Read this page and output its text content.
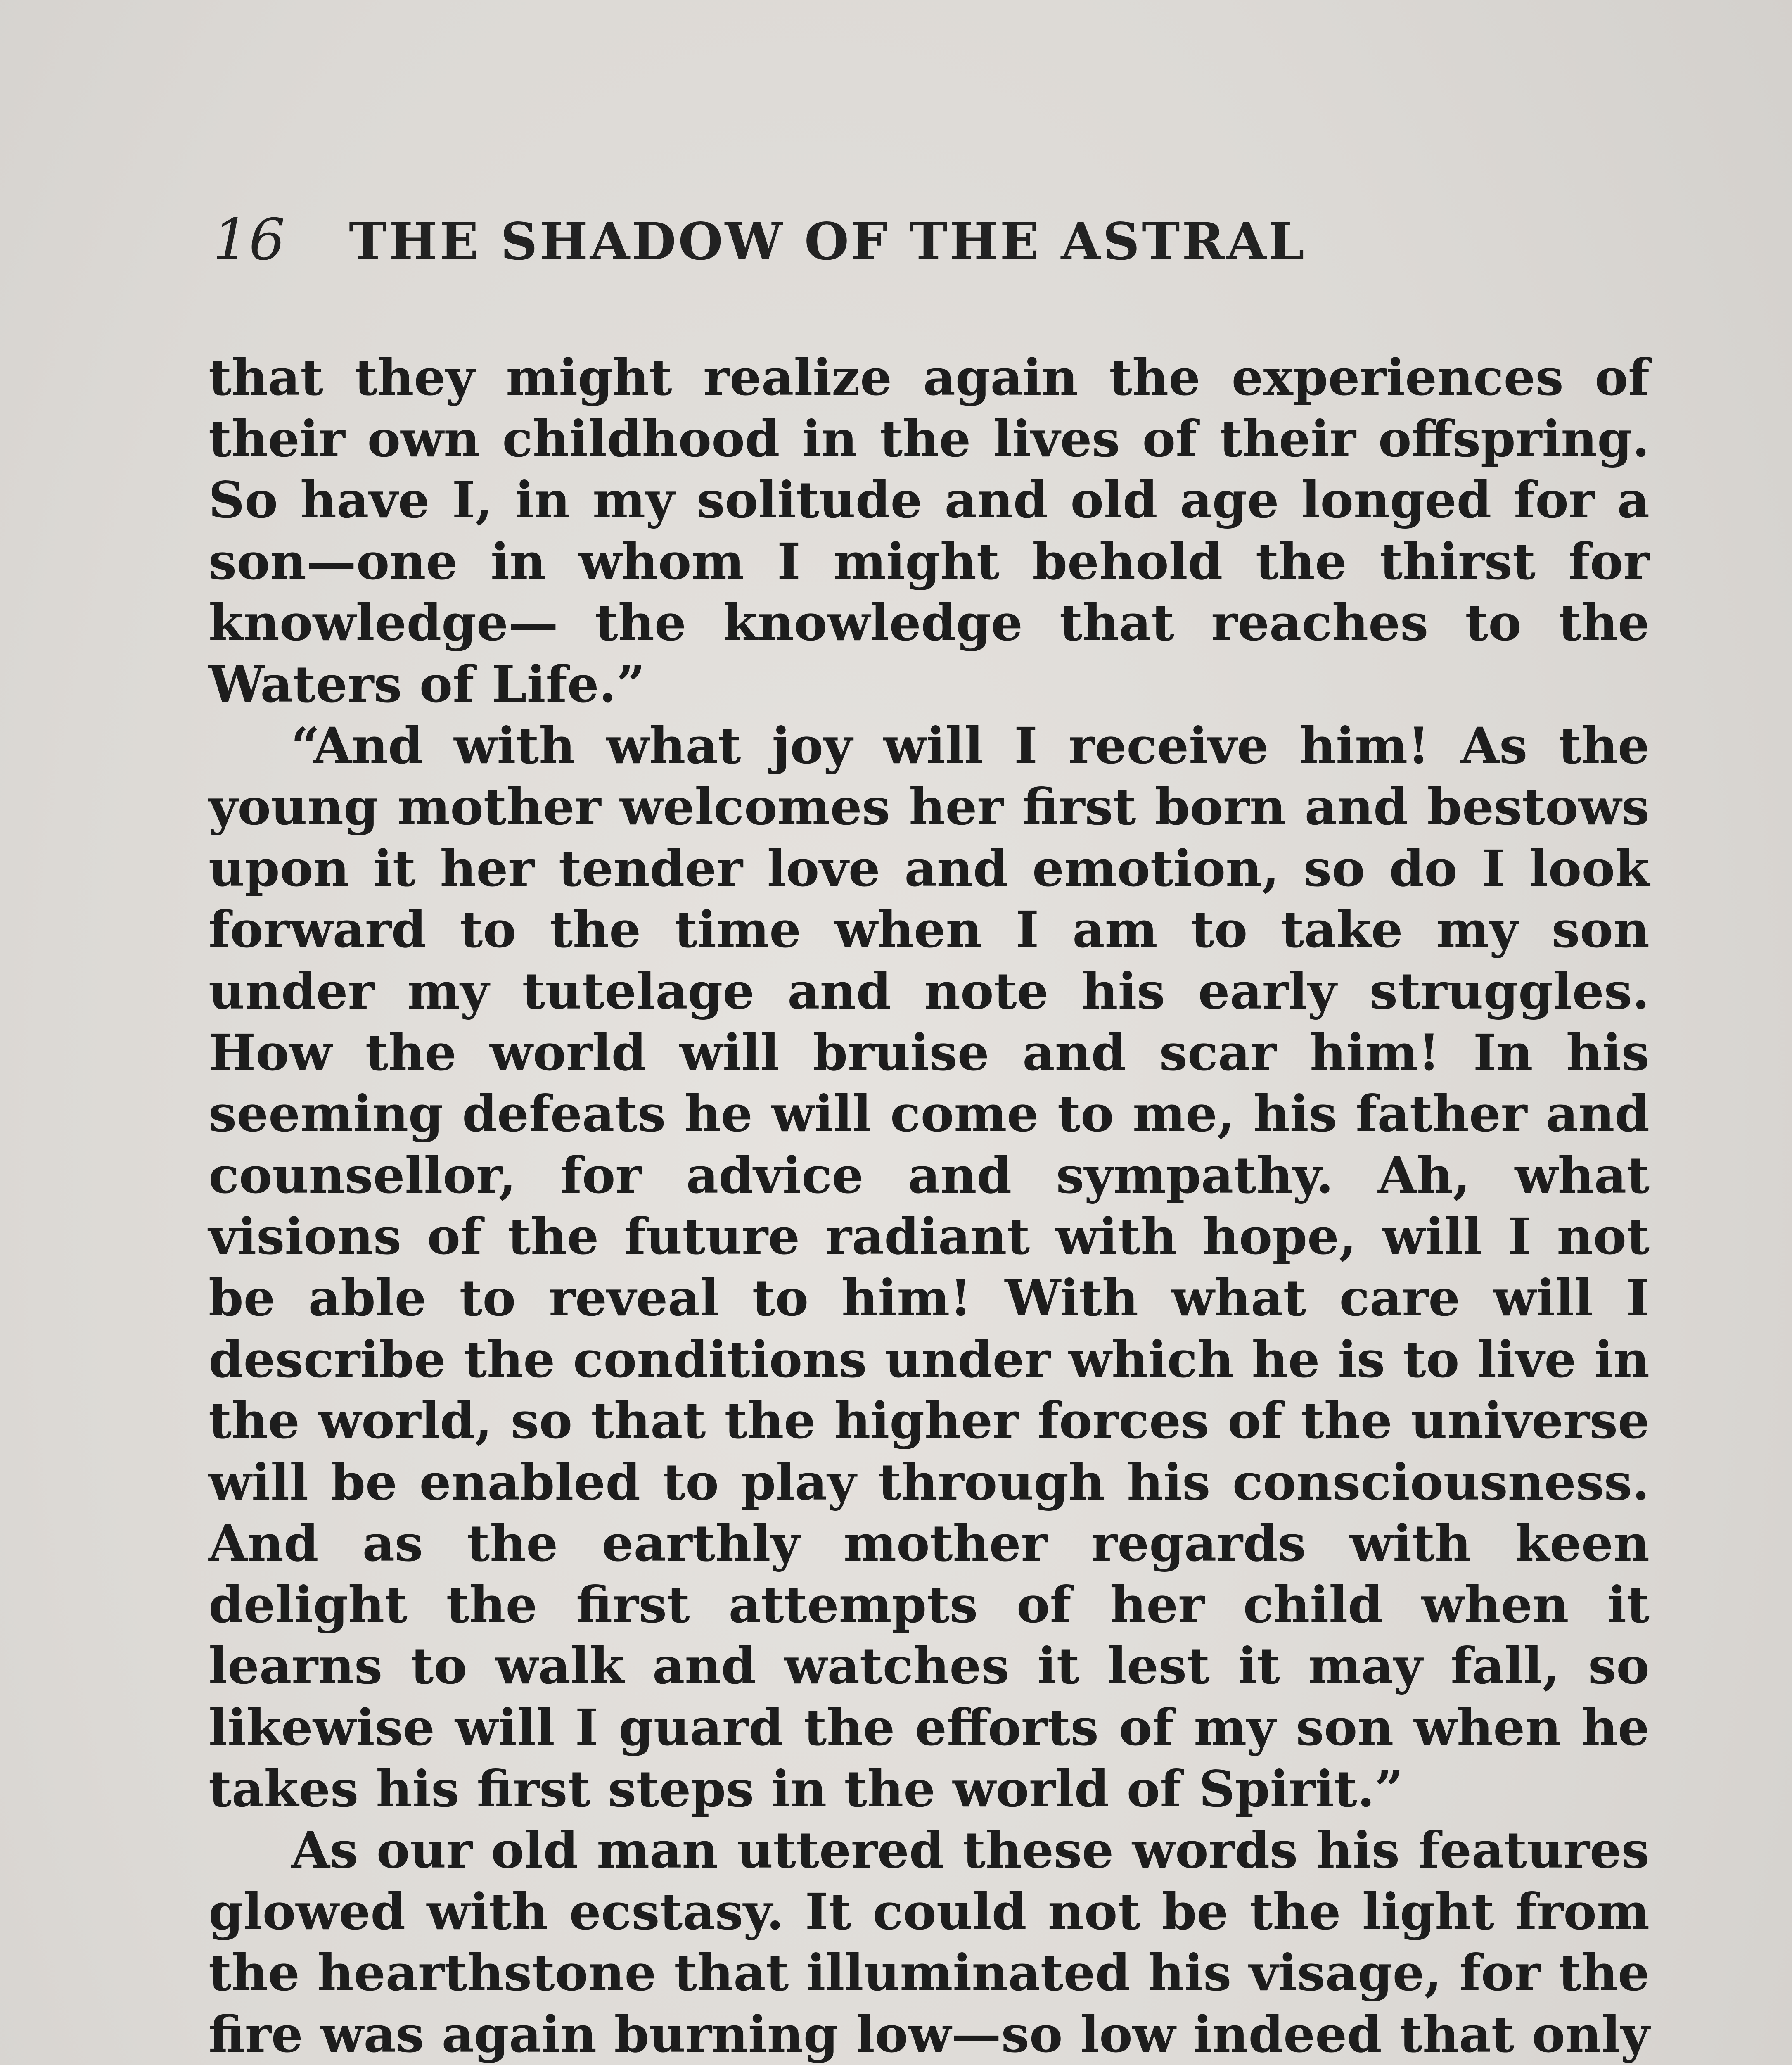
16	THE SHADOW OF THE ASTRAL

that they might realize again the experiences of their own childhood in the lives of their offspring. So have I, in my solitude and old age longed for a son—one in whom I might behold the thirst for knowledge— the knowledge that reaches to the Waters of Life.”

“And with what joy will I receive him! As the young mother welcomes her first born and bestows upon it her tender love and emotion, so do I look forward to the time when I am to take my son under my tutelage and note his early struggles. How the world will bruise and scar him! In his seeming defeats he will come to me, his father and counsellor, for advice and sympathy. Ah, what visions of the future radiant with hope, will I not be able to reveal to him! With what care will I describe the conditions under which he is to live in the world, so that the higher forces of the universe will be enabled to play through his consciousness. And as the earthly mother regards with keen delight the first attempts of her child when it learns to walk and watches it lest it may fall, so likewise will I guard the efforts of my son when he takes his first steps in the world of Spirit.”

As our old man uttered these words his features glowed with ecstasy. It could not be the light from the hearthstone that illuminated his visage, for the fire was again burning low—so low indeed that only
